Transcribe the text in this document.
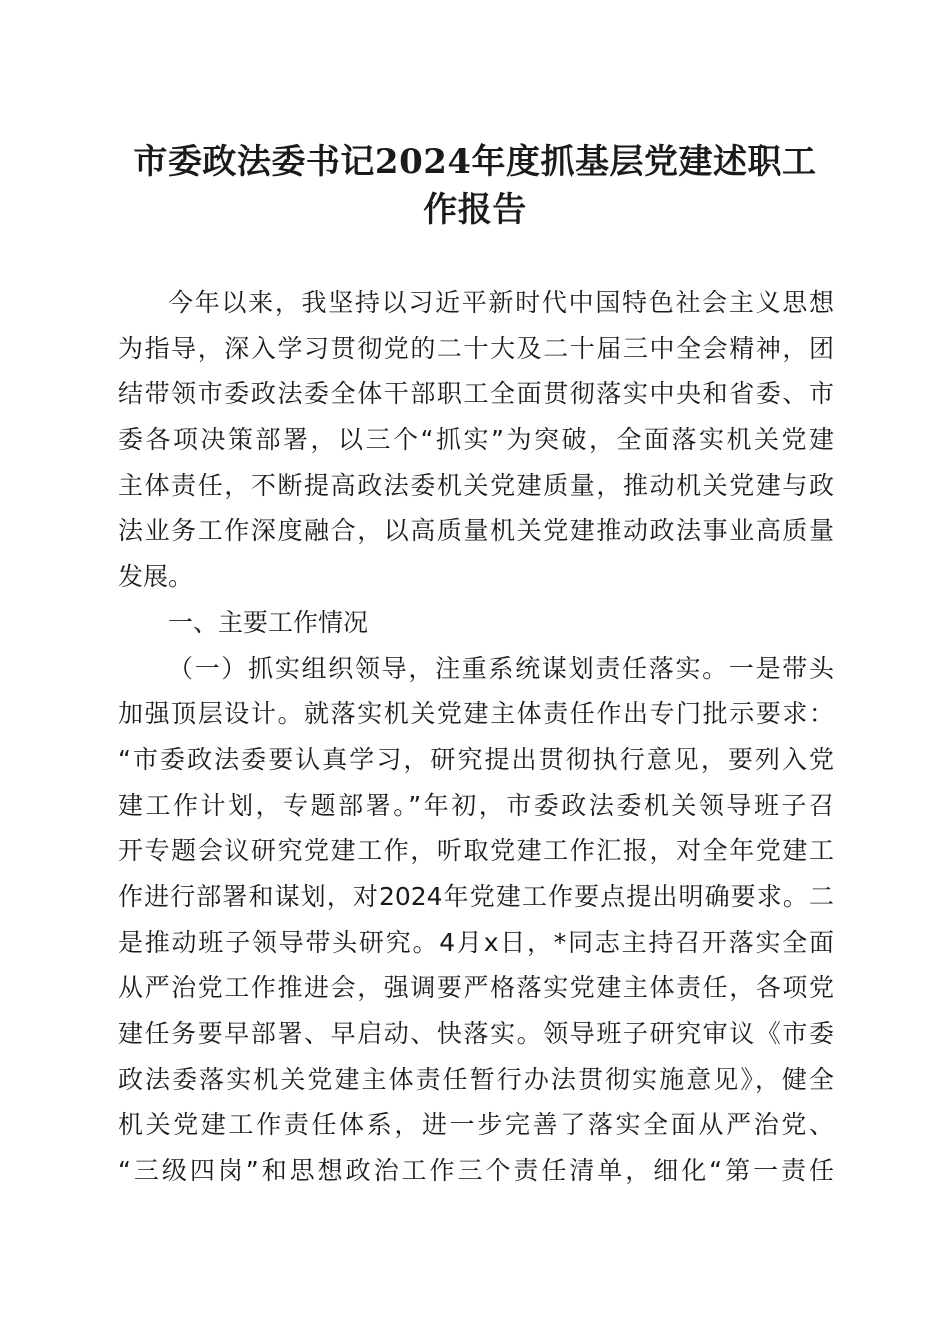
市委政法委书记2024年度抓基层党建述职工
作报告
今年以来，我坚持以习近平新时代中国特色社会主义思想
为指导，深入学习贯彻党的二十大及二十届三中全会精神，团
结带领市委政法委全体干部职工全面贯彻落实中央和省委、市
委各项决策部署，以三个“抓实”为突破，全面落实机关党建
主体责任，不断提高政法委机关党建质量，推动机关党建与政
法业务工作深度融合，以高质量机关党建推动政法事业高质量
发展。
一、主要工作情况
（一）抓实组织领导，注重系统谋划责任落实。一是带头
加强顶层设计。就落实机关党建主体责任作出专门批示要求：
“市委政法委要认真学习，研究提出贯彻执行意见，要列入党
建工作计划，专题部署。”年初，市委政法委机关领导班子召
开专题会议研究党建工作，听取党建工作汇报，对全年党建工
作进行部署和谋划，对2024年党建工作要点提出明确要求。二
是推动班子领导带头研究。4月x日，*同志主持召开落实全面
从严治党工作推进会，强调要严格落实党建主体责任，各项党
建任务要早部署、早启动、快落实。领导班子研究审议《市委
政法委落实机关党建主体责任暂行办法贯彻实施意见》，健全
机关党建工作责任体系，进一步完善了落实全面从严治党、
“三级四岗”和思想政治工作三个责任清单，细化“第一责任
